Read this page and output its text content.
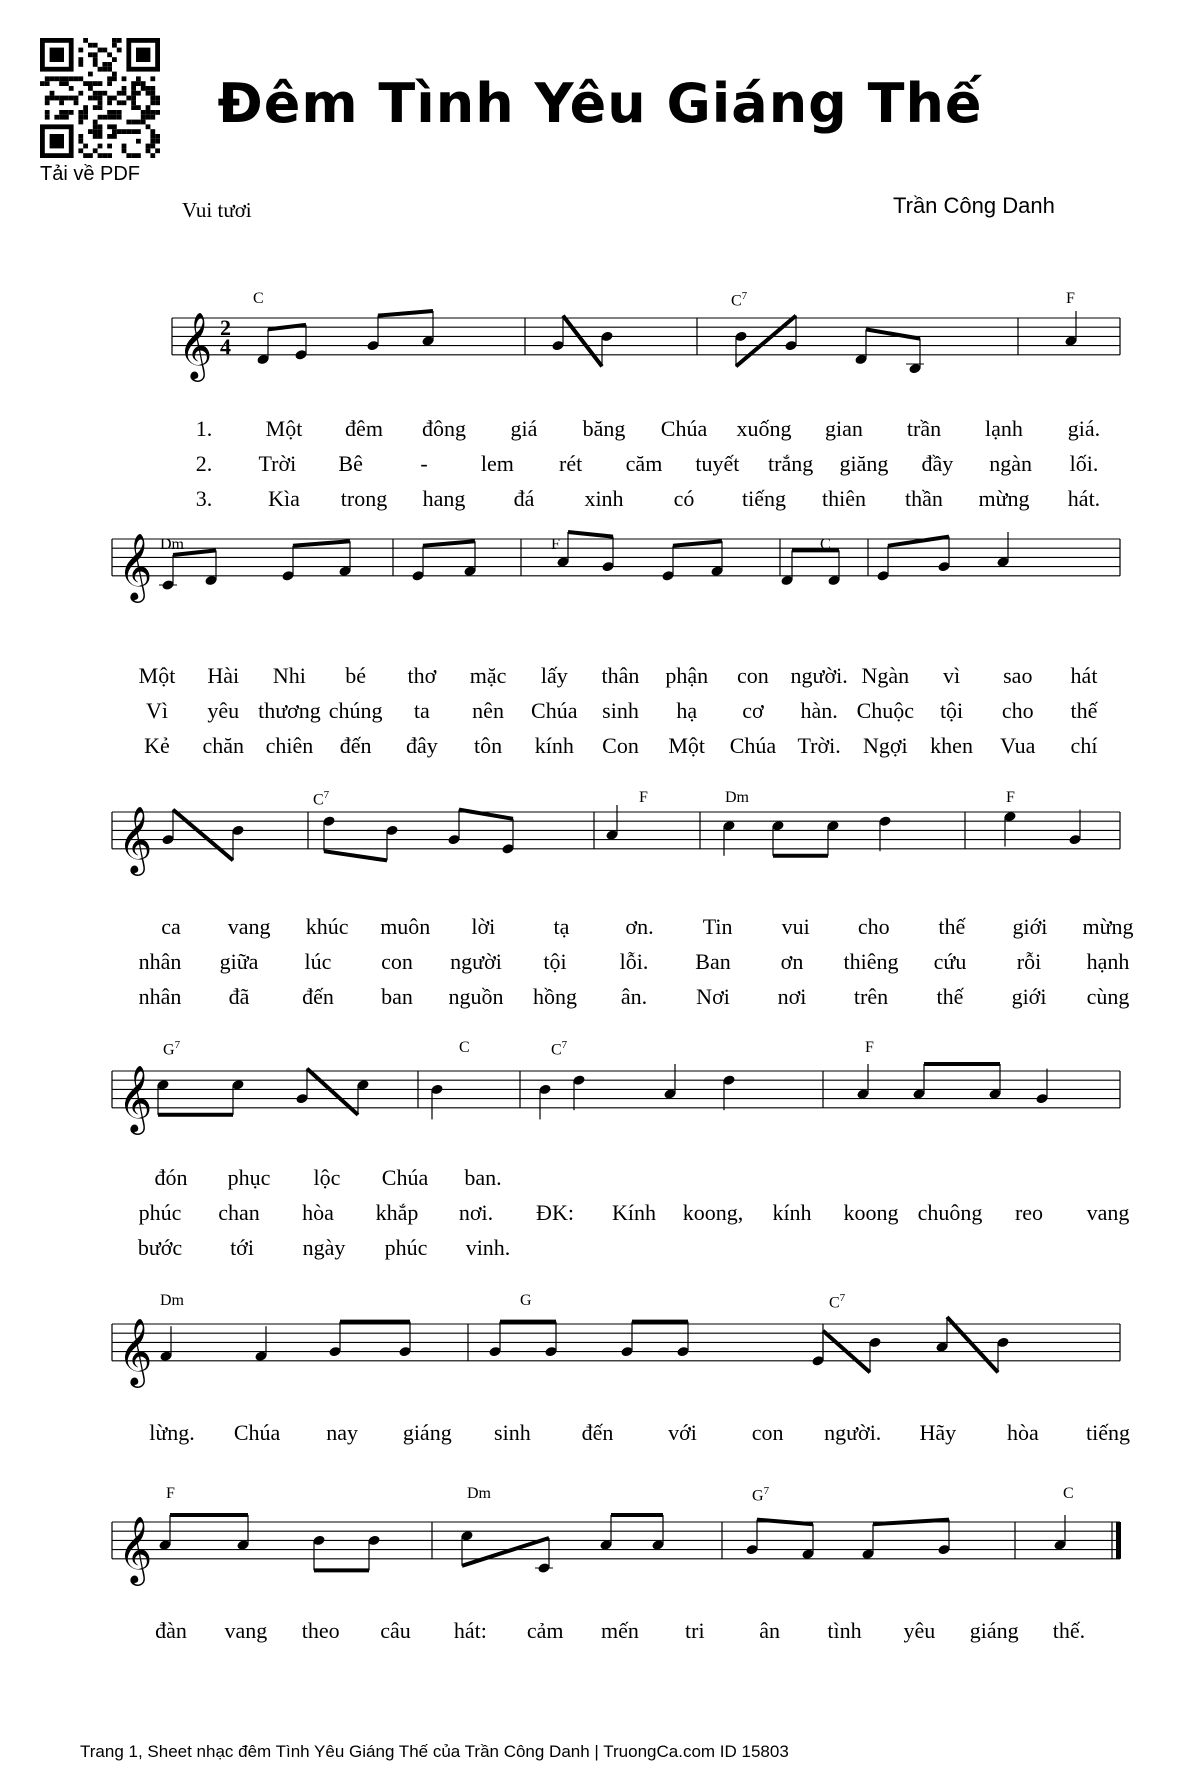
Tải về PDF
Đêm Tình Yêu Giáng Thế
Vui tươi	Trần Công Danh
𝄞 2
4
𝄞
𝄞
𝄞
𝄞
𝄞
C	$C^7$	F
1. Một đêm đông giá băng Chúa xuống gian trần lạnh giá.
2. Trời Bê	- lem rét căm tuyết trắng giăng đầy ngàn lối.
3.	Kìa trong hang đá xinh có tiếng thiên thần mừng hát.
Dm	F	C
Một Hài Nhi bé thơ mặc lấy thân phận con người. Ngàn vì sao hát
Vì yêu thương chúng ta nên Chúa sinh hạ cơ hàn. Chuộc tội cho thế
Kẻ chăn chiên đến đây tôn kính Con Một Chúa Trời. Ngợi khen Vua chí
$C^7$	F	Dm	F
ca vang khúc muôn lời	tạ	ơn. Tin vui cho thế giới mừng
nhân giữa lúc con người tội lỗi. Ban ơn thiêng cứu rỗi hạnh
nhân đã đến ban nguồn hồng ân. Nơi nơi trên thế giới cùng
$G^7$	C	$C^7$	F
đón phục lộc Chúa ban.
phúc chan hòa khắp nơi. ĐK: Kính koong, kính koong chuông reo vang
bước tới ngày phúc vinh.
Dm	G	$C^7$
lừng. Chúa nay giáng sinh đến với con người. Hãy hòa tiếng
F	Dm	$G^7$	C
đàn vang theo câu hát: cảm mến tri ân tình yêu giáng thế.
Trang 1, Sheet nhạc đêm Tình Yêu Giáng Thế của Trần Công Danh | TruongCa.com ID 15803
